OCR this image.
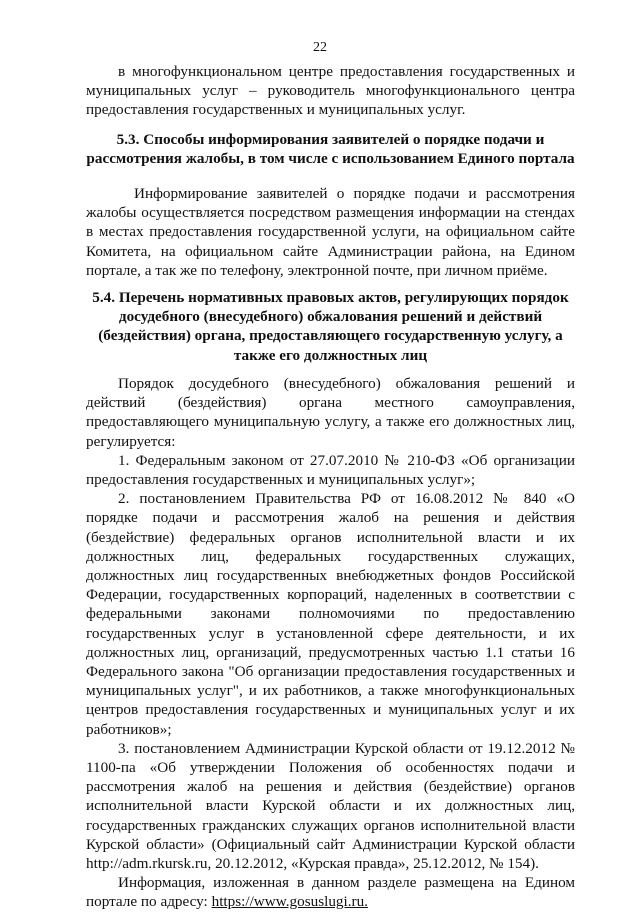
22

в многофункциональном центре предоставления государственных и муниципальных услуг – руководитель многофункционального центра предоставления государственных и муниципальных услуг.

5.3. Способы информирования заявителей о порядке подачи и рассмотрения жалобы, в том числе с использованием Единого портала

Информирование заявителей о порядке подачи и рассмотрения жалобы осуществляется посредством размещения информации на стендах в местах предоставления государственной услуги, на официальном сайте Комитета, на официальном сайте Администрации района, на Едином портале, а так же по телефону, электронной почте, при личном приёме.

5.4. Перечень нормативных правовых актов, регулирующих порядок досудебного (внесудебного) обжалования решений и действий (бездействия) органа, предоставляющего государственную услугу, а также его должностных лиц

Порядок досудебного (внесудебного) обжалования решений и действий (бездействия) органа местного самоуправления, предоставляющего муниципальную услугу, а также его должностных лиц, регулируется:

1. Федеральным законом от 27.07.2010 № 210-ФЗ «Об организации предоставления государственных и муниципальных услуг»;

2. постановлением Правительства РФ от 16.08.2012 № 840 «О порядке подачи и рассмотрения жалоб на решения и действия (бездействие) федеральных органов исполнительной власти и их должностных лиц, федеральных государственных служащих, должностных лиц государственных внебюджетных фондов Российской Федерации, государственных корпораций, наделенных в соответствии с федеральными законами полномочиями по предоставлению государственных услуг в установленной сфере деятельности, и их должностных лиц, организаций, предусмотренных частью 1.1 статьи 16 Федерального закона "Об организации предоставления государственных и муниципальных услуг", и их работников, а также многофункциональных центров предоставления государственных и муниципальных услуг и их работников»;

3. постановлением Администрации Курской области от 19.12.2012 № 1100-па «Об утверждении Положения об особенностях подачи и рассмотрения жалоб на решения и действия (бездействие) органов исполнительной власти Курской области и их должностных лиц, государственных гражданских служащих органов исполнительной власти Курской области» (Официальный сайт Администрации Курской области http://adm.rkursk.ru, 20.12.2012, «Курская правда», 25.12.2012, № 154).

Информация, изложенная в данном разделе размещена на Едином портале по адресу: https://www.gosuslugi.ru.
